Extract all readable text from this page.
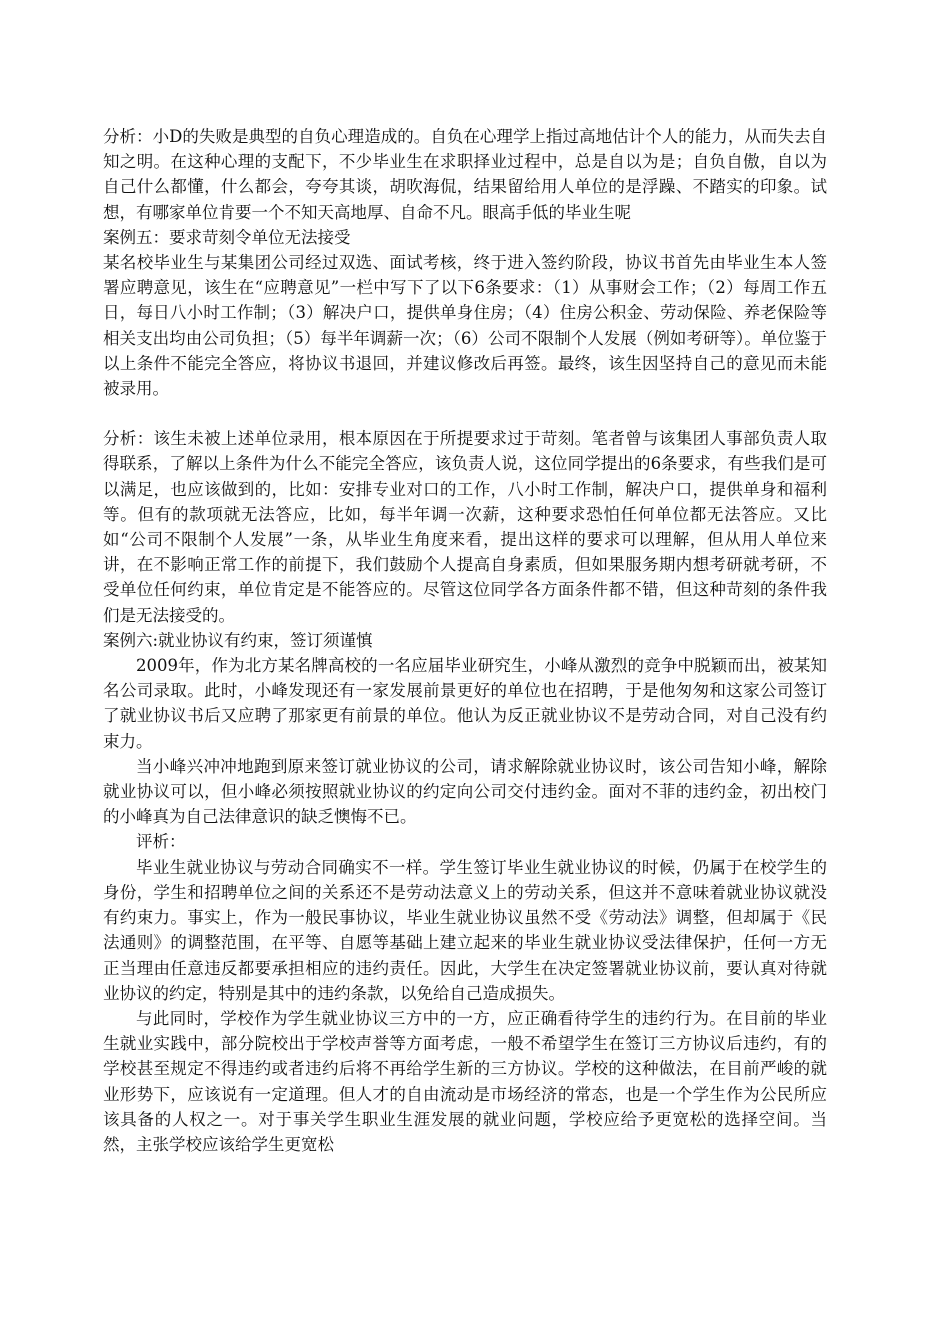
分析：小D的失败是典型的自负心理造成的。自负在心理学上指过高地估计个人的能力，从而失去自知之明。在这种心理的支配下，不少毕业生在求职择业过程中，总是自以为是；自负自傲，自以为自己什么都懂，什么都会，夸夸其谈，胡吹海侃，结果留给用人单位的是浮躁、不踏实的印象。试想，有哪家单位肯要一个不知天高地厚、自命不凡。眼高手低的毕业生呢

案例五：要求苛刻令单位无法接受

某名校毕业生与某集团公司经过双选、面试考核，终于进入签约阶段，协议书首先由毕业生本人签署应聘意见，该生在“应聘意见”一栏中写下了以下6条要求：（1）从事财会工作；（2）每周工作五日，每日八小时工作制；（3）解决户口，提供单身住房；（4）住房公积金、劳动保险、养老保险等相关支出均由公司负担；（5）每半年调薪一次；（6）公司不限制个人发展（例如考研等）。单位鉴于以上条件不能完全答应，将协议书退回，并建议修改后再签。最终，该生因坚持自己的意见而未能被录用。

分析：该生未被上述单位录用，根本原因在于所提要求过于苛刻。笔者曾与该集团人事部负责人取得联系，了解以上条件为什么不能完全答应，该负责人说，这位同学提出的6条要求，有些我们是可以满足，也应该做到的，比如：安排专业对口的工作，八小时工作制，解决户口，提供单身和福利等。但有的款项就无法答应，比如，每半年调一次薪，这种要求恐怕任何单位都无法答应。又比如“公司不限制个人发展”一条，从毕业生角度来看，提出这样的要求可以理解，但从用人单位来讲，在不影响正常工作的前提下，我们鼓励个人提高自身素质，但如果服务期内想考研就考研，不受单位任何约束，单位肯定是不能答应的。尽管这位同学各方面条件都不错，但这种苛刻的条件我们是无法接受的。

案例六:就业协议有约束，签订须谨慎

2009年，作为北方某名牌高校的一名应届毕业研究生，小峰从激烈的竞争中脱颖而出，被某知名公司录取。此时，小峰发现还有一家发展前景更好的单位也在招聘，于是他匆匆和这家公司签订了就业协议书后又应聘了那家更有前景的单位。他认为反正就业协议不是劳动合同，对自己没有约束力。

当小峰兴冲冲地跑到原来签订就业协议的公司，请求解除就业协议时，该公司告知小峰，解除就业协议可以，但小峰必须按照就业协议的约定向公司交付违约金。面对不菲的违约金，初出校门的小峰真为自己法律意识的缺乏懊悔不已。

评析：

毕业生就业协议与劳动合同确实不一样。学生签订毕业生就业协议的时候，仍属于在校学生的身份，学生和招聘单位之间的关系还不是劳动法意义上的劳动关系，但这并不意味着就业协议就没有约束力。事实上，作为一般民事协议，毕业生就业协议虽然不受《劳动法》调整，但却属于《民法通则》的调整范围，在平等、自愿等基础上建立起来的毕业生就业协议受法律保护，任何一方无正当理由任意违反都要承担相应的违约责任。因此，大学生在决定签署就业协议前，要认真对待就业协议的约定，特别是其中的违约条款，以免给自己造成损失。

与此同时，学校作为学生就业协议三方中的一方，应正确看待学生的违约行为。在目前的毕业生就业实践中，部分院校出于学校声誉等方面考虑，一般不希望学生在签订三方协议后违约，有的学校甚至规定不得违约或者违约后将不再给学生新的三方协议。学校的这种做法，在目前严峻的就业形势下，应该说有一定道理。但人才的自由流动是市场经济的常态，也是一个学生作为公民所应该具备的人权之一。对于事关学生职业生涯发展的就业问题，学校应给予更宽松的选择空间。当然，主张学校应该给学生更宽松
